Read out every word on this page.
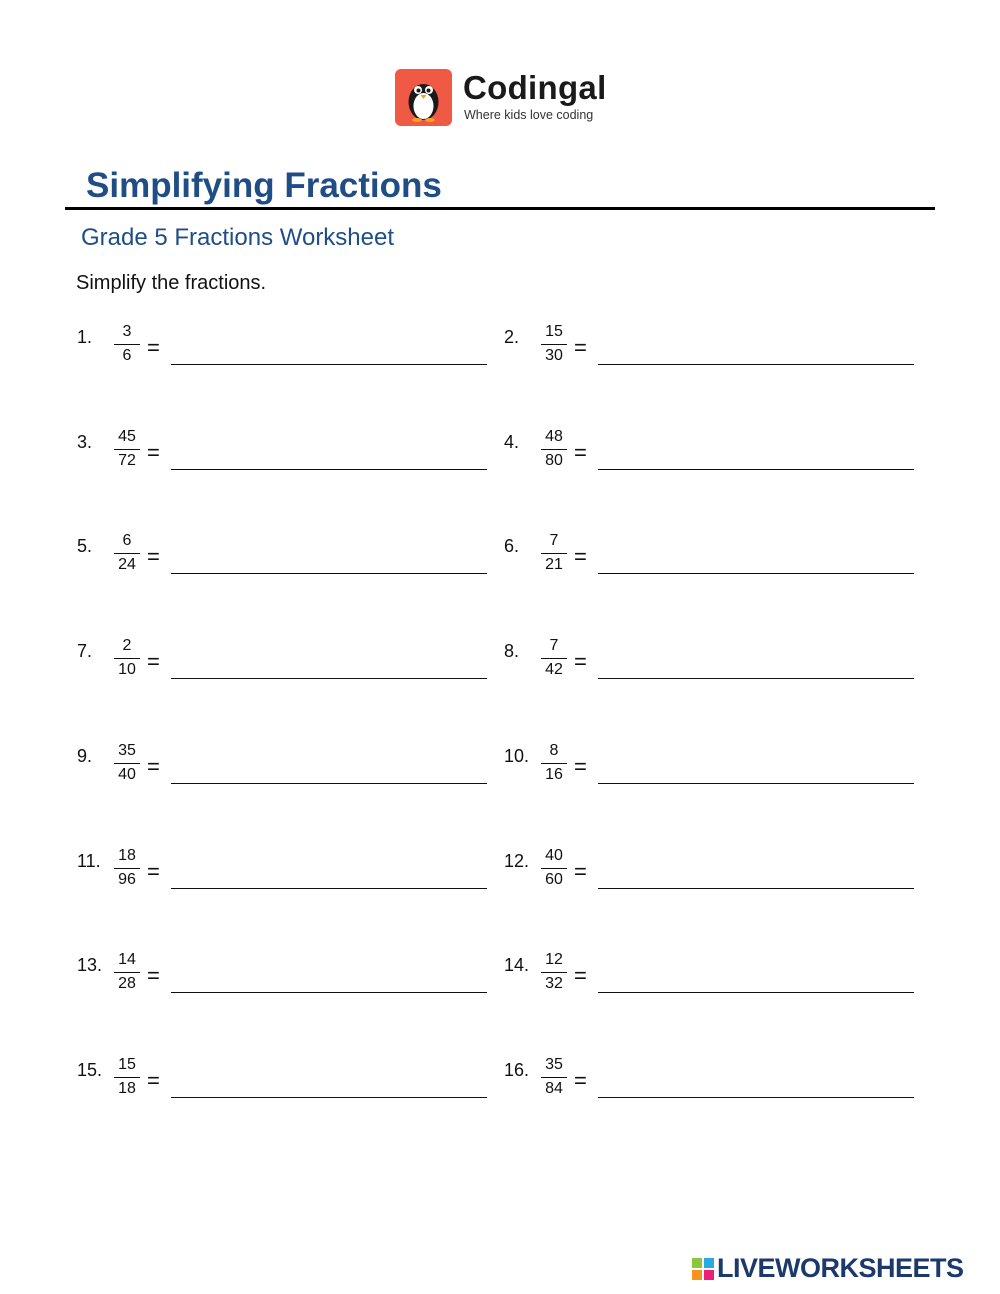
Codingal
Where kids love coding
Simplifying Fractions
Grade 5 Fractions Worksheet
Simplify the fractions.
1.	3
6 =	2. 15
30 =
3. 45
72 =	4. 48
80 =
5.	6
24 =	6.	7
21 =
7.	2
10 =	8.	7
42 =
9. 35
40 =	10.	8
16 =
11. 18
96 =	12. 40
60 =
13. 14
28 =	14. 12
32 =
15. 15
18 =	16. 35
84 =
LIVEWORKSHEETS
